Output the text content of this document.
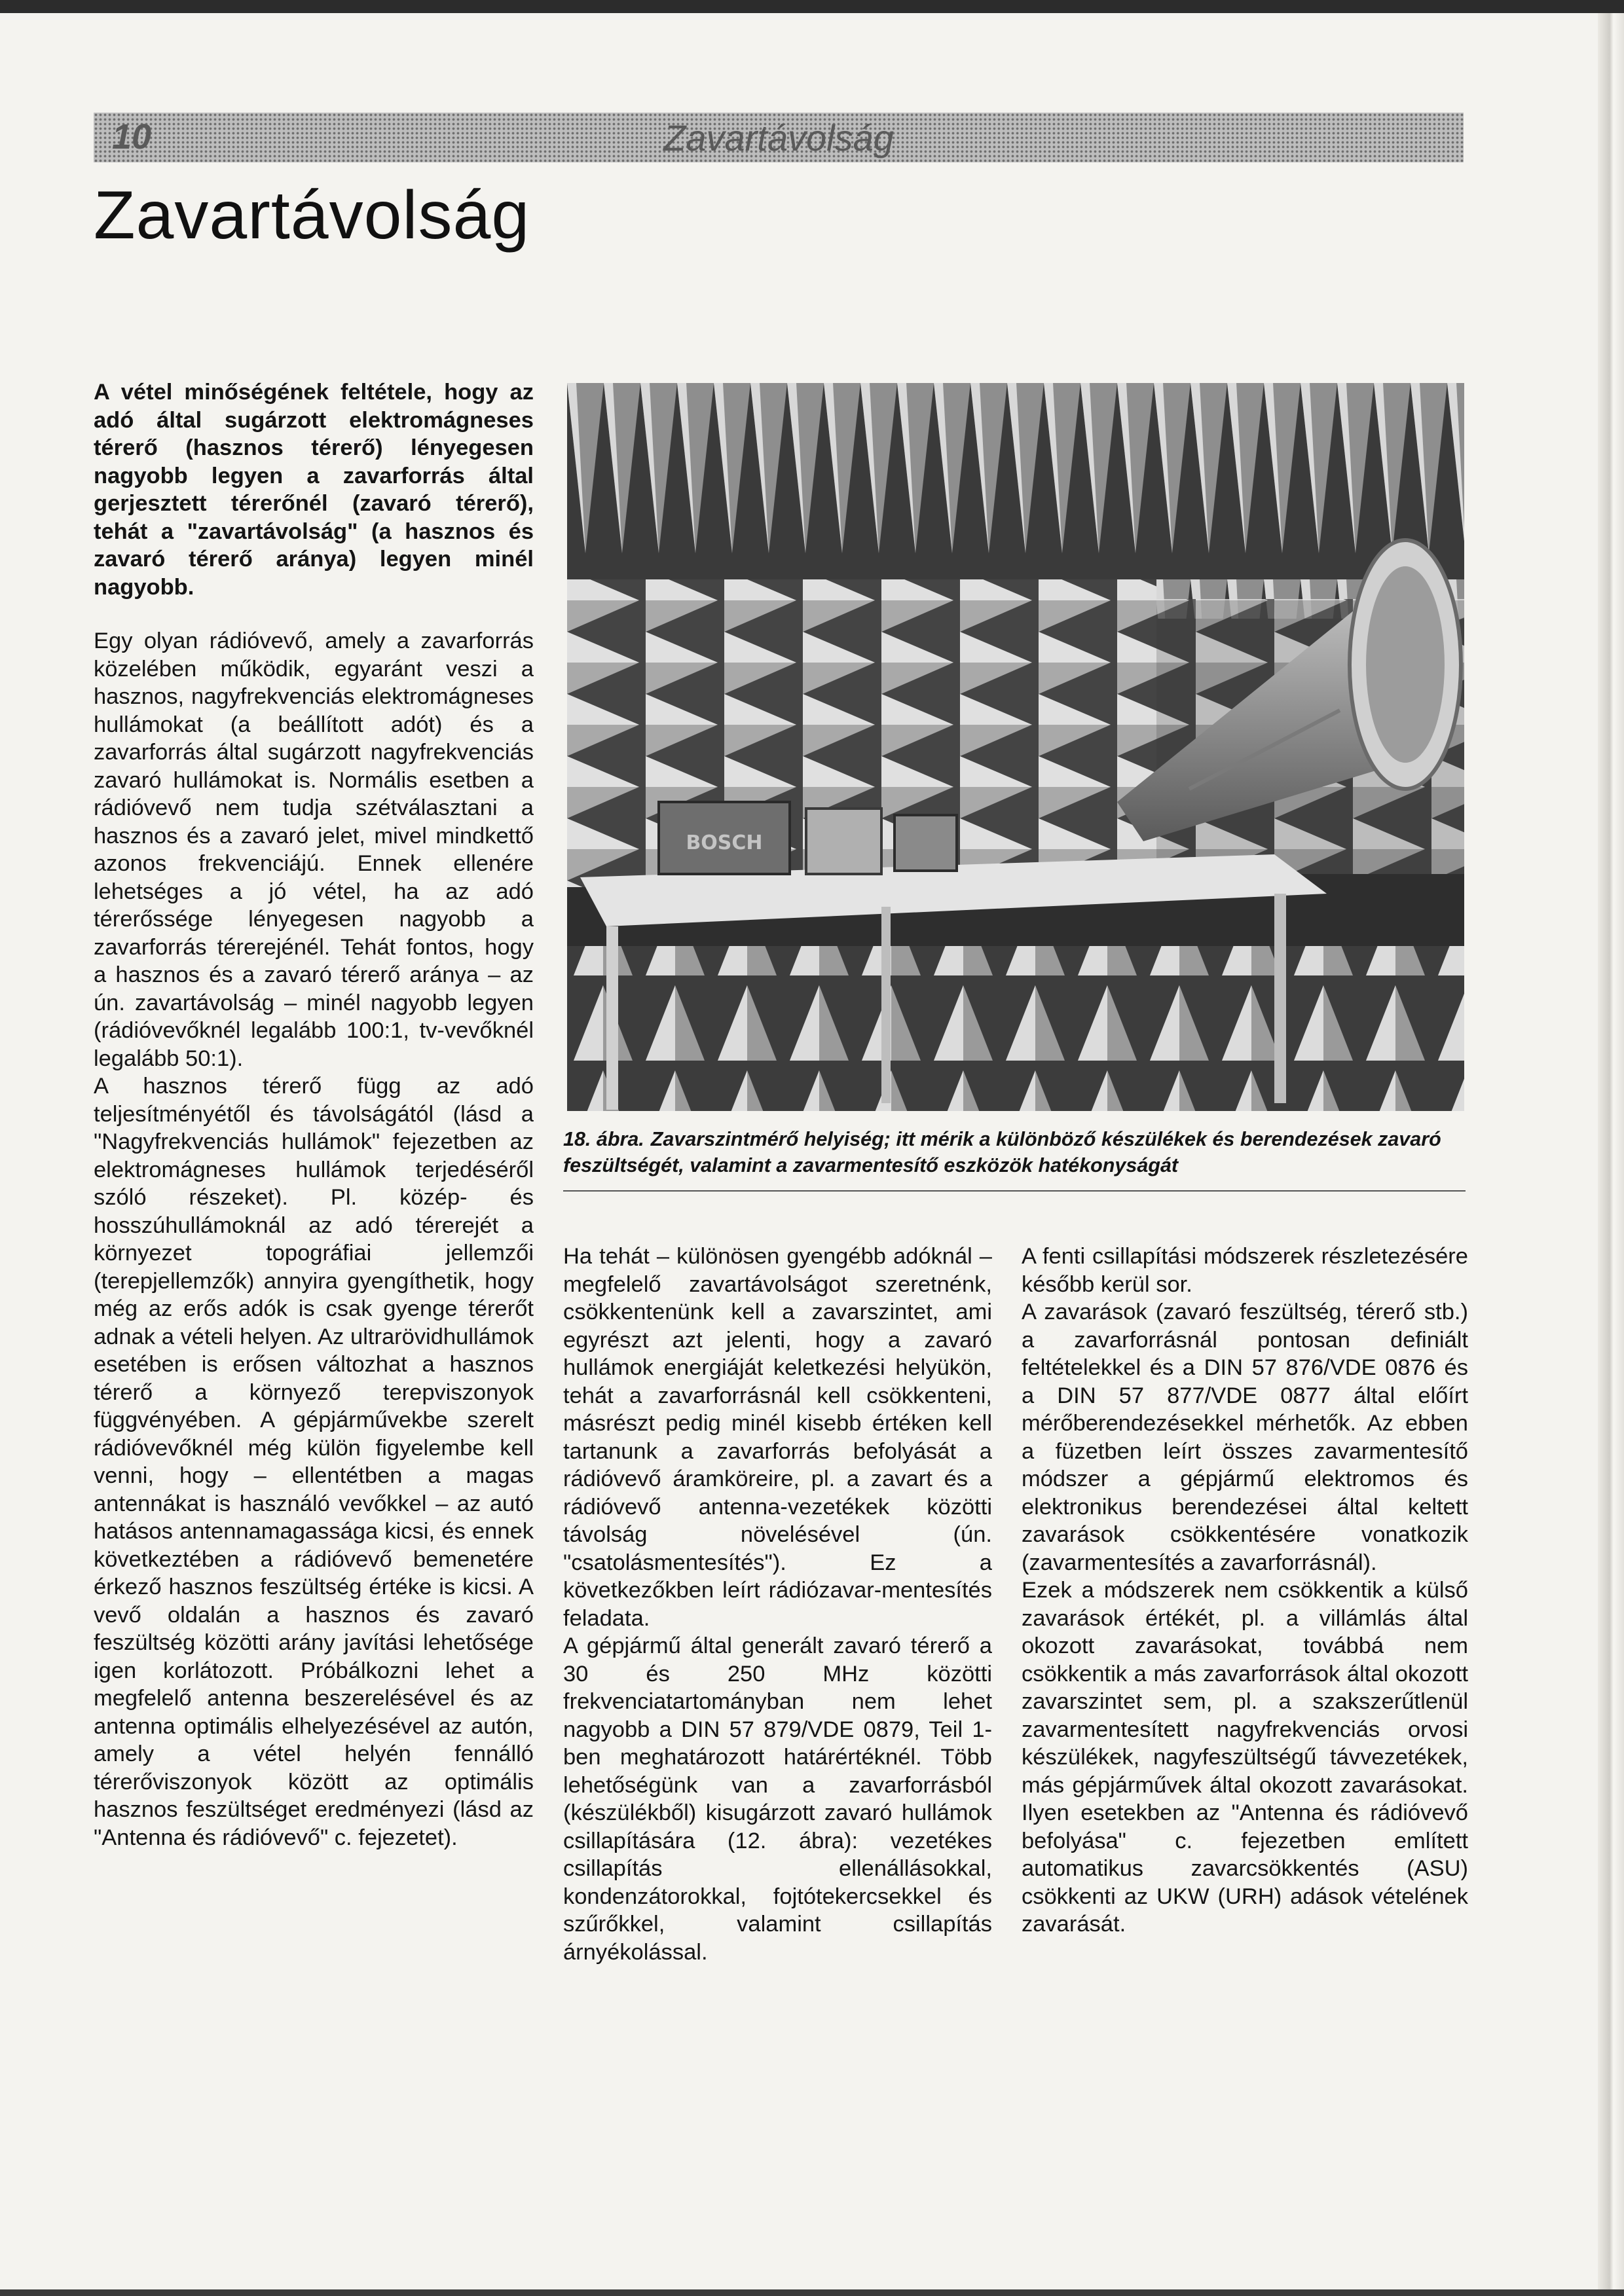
10	Zavartávolság
Zavartávolság

A vétel minőségének feltétele, hogy az adó által sugárzott elektromágneses térerő (hasznos térerő) lényegesen nagyobb legyen a zavarforrás által gerjesztett térerőnél (zavaró térerő), tehát a "zavartávolság" (a hasznos és zavaró térerő aránya) legyen minél nagyobb.

Egy olyan rádióvevő, amely a zavarforrás közelében működik, egyaránt veszi a hasznos, nagyfrekvenciás elektromágneses hullámokat (a beállított adót) és a zavarforrás által sugárzott nagyfrekvenciás zavaró hullámokat is. Normális esetben a rádióvevő nem tudja szétválasztani a hasznos és a zavaró jelet, mivel mindkettő azonos frekvenciájú. Ennek ellenére lehetséges a jó vétel, ha az adó térerőssége lényegesen nagyobb a zavarforrás térerejénél. Tehát fontos, hogy a hasznos és a zavaró térerő aránya – az ún. zavartávolság – minél nagyobb legyen (rádióvevőknél legalább 100:1, tv-vevőknél legalább 50:1).

A hasznos térerő függ az adó teljesítményétől és távolságától (lásd a "Nagyfrekvenciás hullámok" fejezetben az elektromágneses hullámok terjedéséről szóló részeket). Pl. közép- és hosszúhullámoknál az adó térerejét a környezet topográfiai jellemzői (terepjellemzők) annyira gyengíthetik, hogy még az erős adók is csak gyenge térerőt adnak a vételi helyen. Az ultrarövidhullámok esetében is erősen változhat a hasznos térerő a környező terepviszonyok függvényében. A gépjárművekbe szerelt rádióvevőknél még külön figyelembe kell venni, hogy – ellentétben a magas antennákat is használó vevőkkel – az autó hatásos antennamagassága kicsi, és ennek következtében a rádióvevő bemenetére érkező hasznos feszültség értéke is kicsi. A vevő oldalán a hasznos és zavaró feszültség közötti arány javítási lehetősége igen korlátozott. Próbálkozni lehet a megfelelő antenna beszerelésével és az antenna optimális elhelyezésével az autón, amely a vétel helyén fennálló térerőviszonyok között az optimális hasznos feszültséget eredményezi (lásd az "Antenna és rádióvevő" c. fejezetet).

BOSCH
18. ábra. Zavarszintmérő helyiség; itt mérik a különböző készülékek és berendezések zavaró feszültségét, valamint a zavarmentesítő eszközök hatékonyságát

Ha tehát – különösen gyengébb adóknál – megfelelő zavartávolságot szeretnénk, csökkentenünk kell a zavarszintet, ami egyrészt azt jelenti, hogy a zavaró hullámok energiáját keletkezési helyükön, tehát a zavarforrásnál kell csökkenteni, másrészt pedig minél kisebb értéken kell tartanunk a zavarforrás befolyását a rádióvevő áramköreire, pl. a zavart és a rádióvevő antenna-vezetékek közötti távolság növelésével (ún. "csatolásmentesítés"). Ez a következőkben leírt rádiózavar-mentesítés feladata.

A gépjármű által generált zavaró térerő a 30 és 250 MHz közötti frekvenciatartományban nem lehet nagyobb a DIN 57 879/VDE 0879, Teil 1-ben meghatározott határértéknél. Több lehetőségünk van a zavarforrásból (készülékből) kisugárzott zavaró hullámok csillapítására (12. ábra): vezetékes csillapítás ellenállásokkal, kondenzátorokkal, fojtótekercsekkel és szűrőkkel, valamint csillapítás árnyékolással.

A fenti csillapítási módszerek részletezésére később kerül sor.

A zavarások (zavaró feszültség, térerő stb.) a zavarforrásnál pontosan definiált feltételekkel és a DIN 57 876/VDE 0876 és a DIN 57 877/VDE 0877 által előírt mérőberendezésekkel mérhetők. Az ebben a füzetben leírt összes zavarmentesítő módszer a gépjármű elektromos és elektronikus berendezései által keltett zavarások csökkentésére vonatkozik (zavarmentesítés a zavarforrásnál).

Ezek a módszerek nem csökkentik a külső zavarások értékét, pl. a villámlás által okozott zavarásokat, továbbá nem csökkentik a más zavarforrások által okozott zavarszintet sem, pl. a szakszerűtlenül zavarmentesített nagyfrekvenciás orvosi készülékek, nagyfeszültségű távvezetékek, más gépjárművek által okozott zavarásokat. Ilyen esetekben az "Antenna és rádióvevő befolyása" c. fejezetben említett automatikus zavarcsökkentés (ASU) csökkenti az UKW (URH) adások vételének zavarását.
